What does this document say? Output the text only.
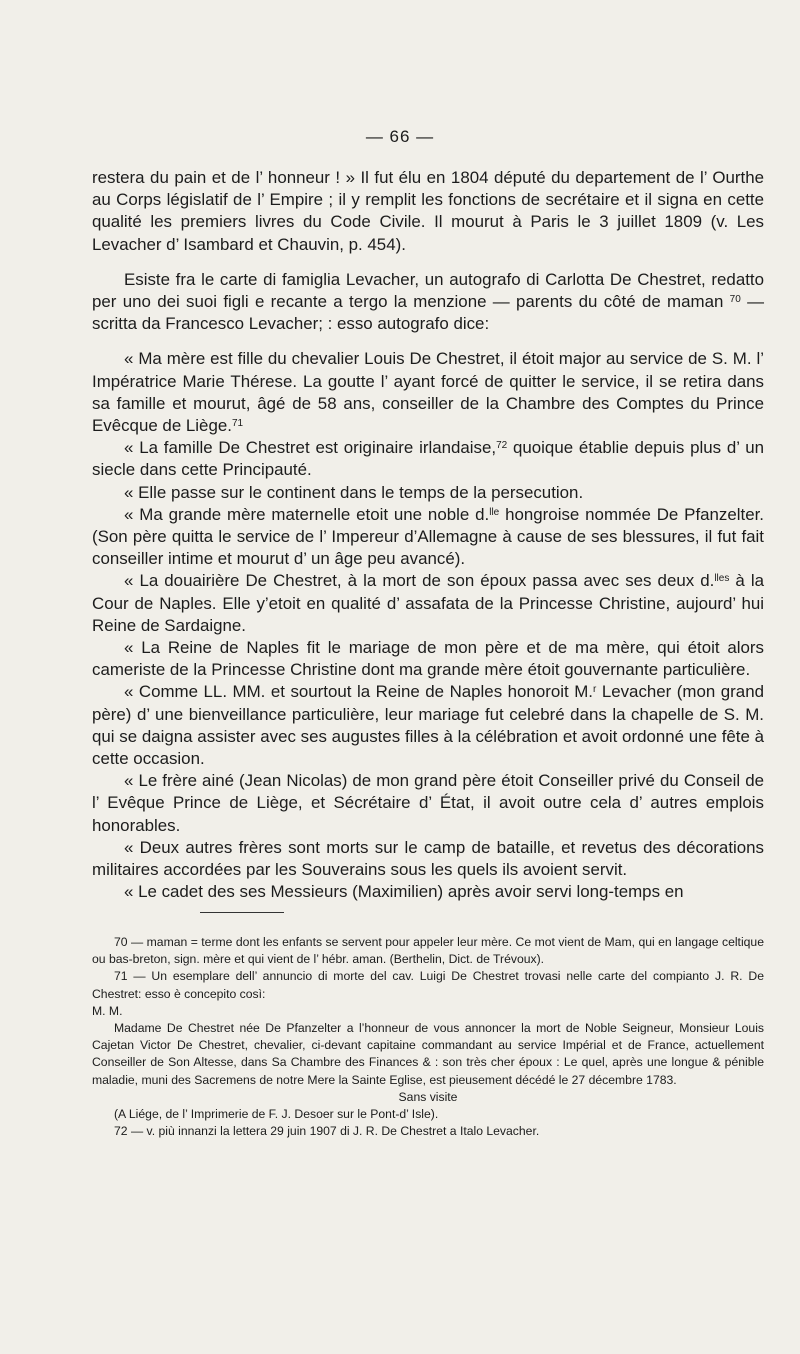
— 66 —

restera du pain et de l’ honneur ! » Il fut élu en 1804 député du departement de l’ Ourthe au Corps législatif de l’ Empire ; il y remplit les fonctions de secrétaire et il signa en cette qualité les premiers livres du Code Civile. Il mourut à Paris le 3 juillet 1809 (v. Les Levacher d’ Isambard et Chauvin, p. 454).

Esiste fra le carte di famiglia Levacher, un autografo di Carlotta De Chestret, redatto per uno dei suoi figli e recante a tergo la menzione — parents du côté de maman $^{70}$ — scritta da Francesco Levacher; : esso autografo dice:

« Ma mère est fille du chevalier Louis De Chestret, il étoit major au service de S. M. l’ Impératrice Marie Thérese. La goutte l’ ayant forcé de quitter le service, il se retira dans sa famille et mourut, âgé de 58 ans, conseiller de la Chambre des Comptes du Prince Evêcque de Liège.$^{71}$

« La famille De Chestret est originaire irlandaise,$^{72}$ quoique établie depuis plus d’ un siecle dans cette Principauté.

« Elle passe sur le continent dans le temps de la persecution.

« Ma grande mère maternelle etoit une noble d.$^{lle}$ hongroise nommée De Pfanzelter. (Son père quitta le service de l’ Impereur d’Allemagne à cause de ses blessures, il fut fait conseiller intime et mourut d’ un âge peu avancé).

« La douairière De Chestret, à la mort de son époux passa avec ses deux d.$^{lles}$ à la Cour de Naples. Elle y’etoit en qualité d’ assafata de la Princesse Christine, aujourd’ hui Reine de Sardaigne.

« La Reine de Naples fit le mariage de mon père et de ma mère, qui étoit alors cameriste de la Princesse Christine dont ma grande mère étoit gouvernante particulière.

« Comme LL. MM. et sourtout la Reine de Naples honoroit M.$^r$ Levacher (mon grand père) d’ une bienveillance particulière, leur mariage fut celebré dans la chapelle de S. M. qui se daigna assister avec ses augustes filles à la célébration et avoit ordonné une fête à cette occasion.

« Le frère ainé (Jean Nicolas) de mon grand père étoit Conseiller privé du Conseil de l’ Evêque Prince de Liège, et Sécrétaire d’ État, il avoit outre cela d’ autres emplois honorables.

« Deux autres frères sont morts sur le camp de bataille, et revetus des décorations militaires accordées par les Souverains sous les quels ils avoient servit.

« Le cadet des ses Messieurs (Maximilien) après avoir servi long-temps en

70 — maman = terme dont les enfants se servent pour appeler leur mère. Ce mot vient de Mam, qui en langage celtique ou bas-breton, sign. mère et qui vient de l’ hébr. aman. (Berthelin, Dict. de Trévoux).

71 — Un esemplare dell’ annuncio di morte del cav. Luigi De Chestret trovasi nelle carte del compianto J. R. De Chestret: esso è concepito così:

M. M.

Madame De Chestret née De Pfanzelter a l’honneur de vous annoncer la mort de Noble Seigneur, Monsieur Louis Cajetan Victor De Chestret, chevalier, ci-devant capitaine commandant au service Impérial et de France, actuellement Conseiller de Son Altesse, dans Sa Chambre des Finances & : son très cher époux : Le quel, après une longue & pénible maladie, muni des Sacremens de notre Mere la Sainte Eglise, est pieusement décédé le 27 décembre 1783.

Sans visite

(A Liége, de l’ Imprimerie de F. J. Desoer sur le Pont-d’ Isle).

72 — v. più innanzi la lettera 29 juin 1907 di J. R. De Chestret a Italo Levacher.
